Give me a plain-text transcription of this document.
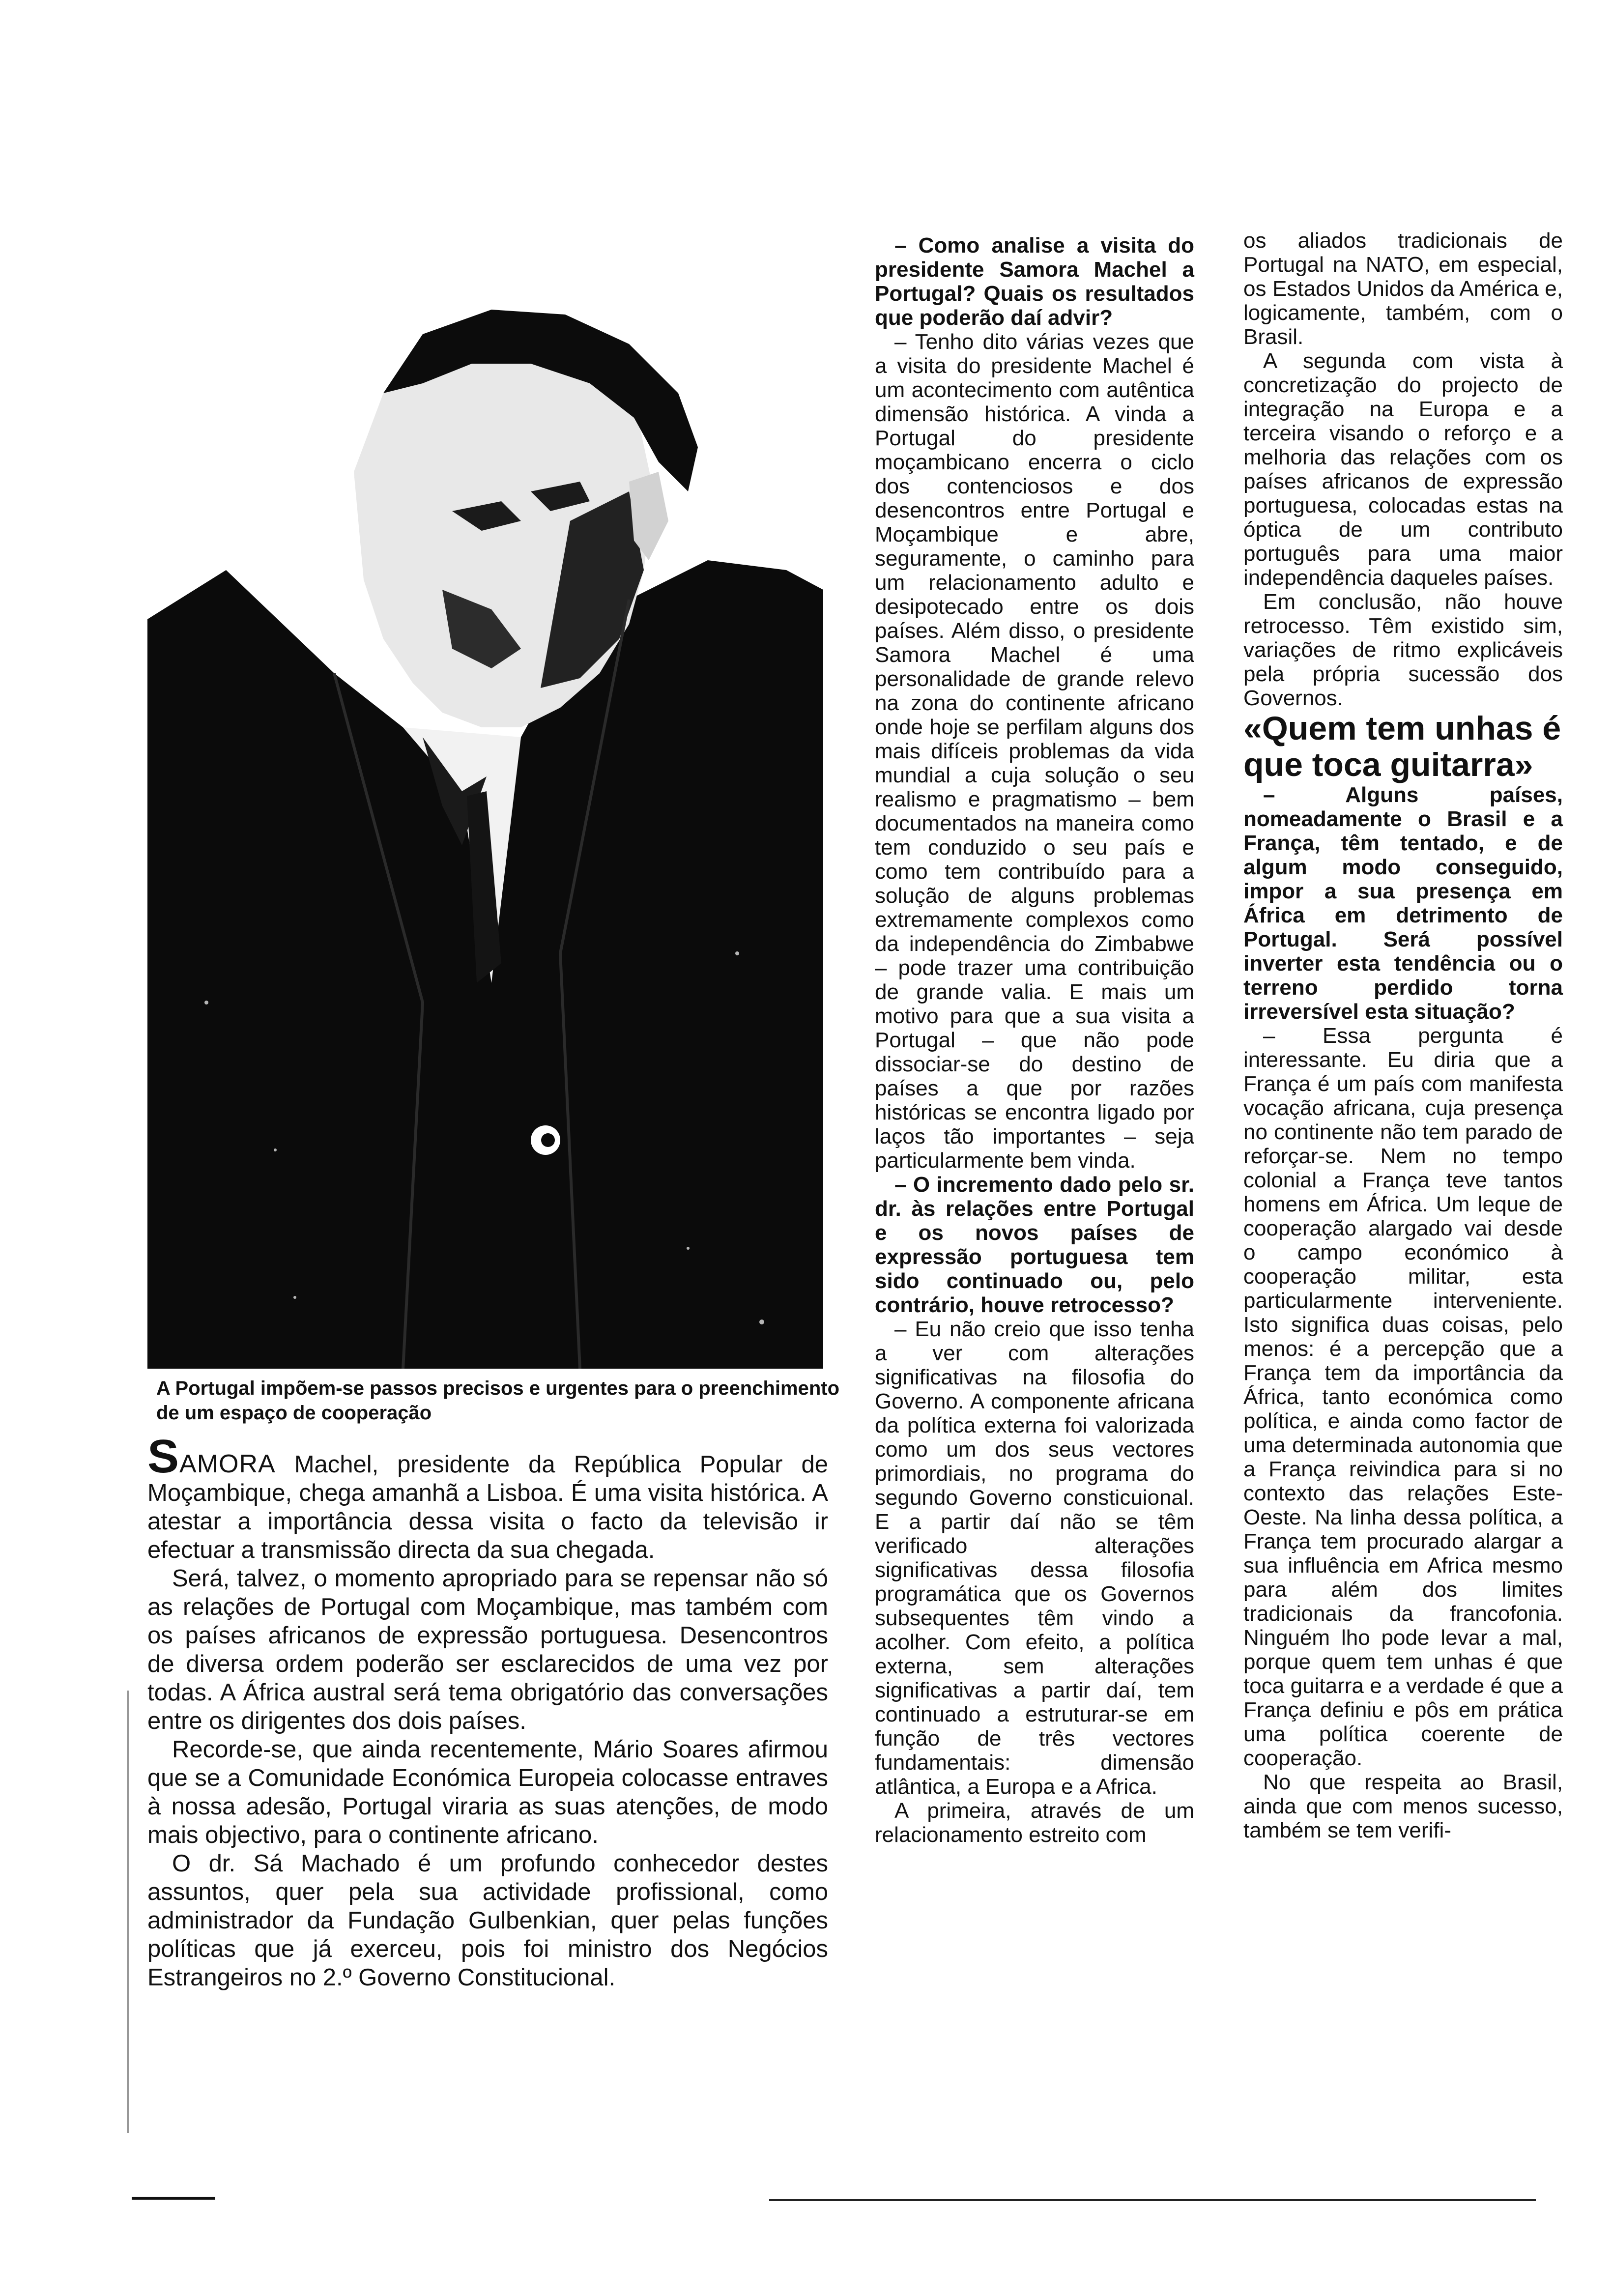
A Portugal impõem-se passos precisos e urgentes para o preenchimento de um espaço de cooperação

SAMORA Machel, presidente da República Popular de Moçambique, chega amanhã a Lisboa. É uma visita histórica. A atestar a importância dessa visita o facto da televisão ir efectuar a transmissão directa da sua chegada.

Será, talvez, o momento apropriado para se repensar não só as relações de Portugal com Moçambique, mas também com os países africanos de expressão portuguesa. Desencontros de diversa ordem poderão ser esclarecidos de uma vez por todas. A África austral será tema obrigatório das conversações entre os dirigentes dos dois países.

Recorde-se, que ainda recentemente, Mário Soares afirmou que se a Comunidade Económica Europeia colocasse entraves à nossa adesão, Portugal viraria as suas atenções, de modo mais objectivo, para o continente africano.

O dr. Sá Machado é um profundo conhecedor destes assuntos, quer pela sua actividade profissional, como administrador da Fundação Gulbenkian, quer pelas funções políticas que já exerceu, pois foi ministro dos Negócios Estrangeiros no 2.º Governo Constitucional.

– Como analise a visita do presidente Samora Machel a Portugal? Quais os resultados que poderão daí advir?

– Tenho dito várias vezes que a visita do presidente Machel é um acontecimento com autêntica dimensão histórica. A vinda a Portugal do presidente moçambicano encerra o ciclo dos contenciosos e dos desencontros entre Portugal e Moçambique e abre, seguramente, o caminho para um relacionamento adulto e desipotecado entre os dois países. Além disso, o presidente Samora Machel é uma personalidade de grande relevo na zona do continente africano onde hoje se perfilam alguns dos mais difíceis problemas da vida mundial a cuja solução o seu realismo e pragmatismo – bem documentados na maneira como tem conduzido o seu país e como tem contribuído para a solução de alguns problemas extremamente complexos como da independência do Zimbabwe – pode trazer uma contribuição de grande valia. E mais um motivo para que a sua visita a Portugal – que não pode dissociar-se do destino de países a que por razões históricas se encontra ligado por laços tão importantes – seja particularmente bem vinda.

– O incremento dado pelo sr. dr. às relações entre Portugal e os novos países de expressão portuguesa tem sido continuado ou, pelo contrário, houve retrocesso?

– Eu não creio que isso tenha a ver com alterações significativas na filosofia do Governo. A componente africana da política externa foi valorizada como um dos seus vectores primordiais, no programa do segundo Governo consticuional. E a partir daí não se têm verificado alterações significativas dessa filosofia programática que os Governos subsequentes têm vindo a acolher. Com efeito, a política externa, sem alterações significativas a partir daí, tem continuado a estruturar-se em função de três vectores fundamentais: dimensão atlântica, a Europa e a Africa.

A primeira, através de um relacionamento estreito com

os aliados tradicionais de Portugal na NATO, em especial, os Estados Unidos da América e, logicamente, também, com o Brasil.

A segunda com vista à concretização do projecto de integração na Europa e a terceira visando o reforço e a melhoria das relações com os países africanos de expressão portuguesa, colocadas estas na óptica de um contributo português para uma maior independência daqueles países.

Em conclusão, não houve retrocesso. Têm existido sim, variações de ritmo explicáveis pela própria sucessão dos Governos.

«Quem tem unhas é que toca guitarra»

– Alguns países, nomeadamente o Brasil e a França, têm tentado, e de algum modo conseguido, impor a sua presença em África em detrimento de Portugal. Será possível inverter esta tendência ou o terreno perdido torna irreversível esta situação?

– Essa pergunta é interessante. Eu diria que a França é um país com manifesta vocação africana, cuja presença no continente não tem parado de reforçar-se. Nem no tempo colonial a França teve tantos homens em África. Um leque de cooperação alargado vai desde o campo económico à cooperação militar, esta particularmente interveniente. Isto significa duas coisas, pelo menos: é a percepção que a França tem da importância da África, tanto económica como política, e ainda como factor de uma determinada autonomia que a França reivindica para si no contexto das relações Este-Oeste. Na linha dessa política, a França tem procurado alargar a sua influência em Africa mesmo para além dos limites tradicionais da francofonia. Ninguém lho pode levar a mal, porque quem tem unhas é que toca guitarra e a verdade é que a França definiu e pôs em prática uma política coerente de cooperação.

No que respeita ao Brasil, ainda que com menos sucesso, também se tem verifi-
